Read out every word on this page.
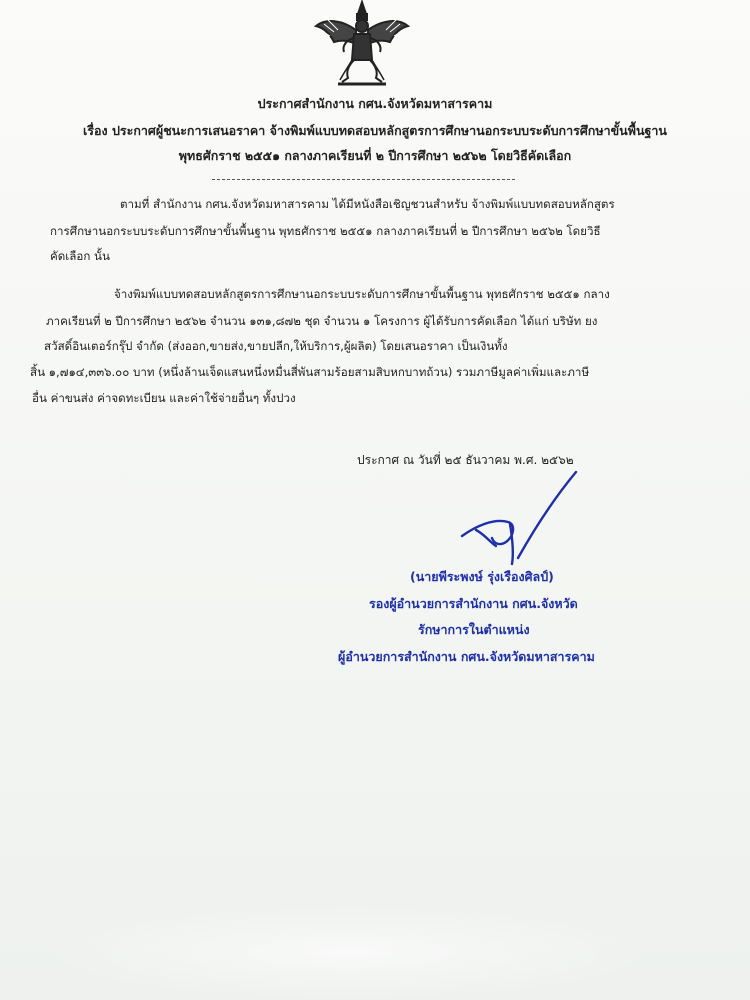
ประกาศสำนักงาน กศน.จังหวัดมหาสารคาม
เรื่อง ประกาศผู้ชนะการเสนอราคา จ้างพิมพ์แบบทดสอบหลักสูตรการศึกษานอกระบบระดับการศึกษาขั้นพื้นฐาน
พุทธศักราช ๒๕๕๑ กลางภาคเรียนที่ ๒ ปีการศึกษา ๒๕๖๒ โดยวิธีคัดเลือก
ตามที่ สำนักงาน กศน.จังหวัดมหาสารคาม ได้มีหนังสือเชิญชวนสำหรับ จ้างพิมพ์แบบทดสอบหลักสูตร
การศึกษานอกระบบระดับการศึกษาขั้นพื้นฐาน พุทธศักราช ๒๕๕๑ กลางภาคเรียนที่ ๒ ปีการศึกษา ๒๕๖๒ โดยวิธี
คัดเลือก นั้น
จ้างพิมพ์แบบทดสอบหลักสูตรการศึกษานอกระบบระดับการศึกษาขั้นพื้นฐาน พุทธศักราช ๒๕๕๑ กลาง
ภาคเรียนที่ ๒ ปีการศึกษา ๒๕๖๒ จำนวน ๑๓๑,๘๗๒ ชุด จำนวน ๑ โครงการ ผู้ได้รับการคัดเลือก ได้แก่ บริษัท ยง
สวัสดิ์อินเตอร์กรุ๊ป จำกัด (ส่งออก,ขายส่ง,ขายปลีก,ให้บริการ,ผู้ผลิต) โดยเสนอราคา เป็นเงินทั้ง
สิ้น ๑,๗๑๔,๓๓๖.๐๐ บาท (หนึ่งล้านเจ็ดแสนหนึ่งหมื่นสี่พันสามร้อยสามสิบหกบาทถ้วน) รวมภาษีมูลค่าเพิ่มและภาษี
อื่น ค่าขนส่ง ค่าจดทะเบียน และค่าใช้จ่ายอื่นๆ ทั้งปวง
ประกาศ ณ วันที่ ๒๕ ธันวาคม พ.ศ. ๒๕๖๒
(นายพีระพงษ์ รุ่งเรืองศิลป์)
รองผู้อำนวยการสำนักงาน กศน.จังหวัด
รักษาการในตำแหน่ง
ผู้อำนวยการสำนักงาน กศน.จังหวัดมหาสารคาม
